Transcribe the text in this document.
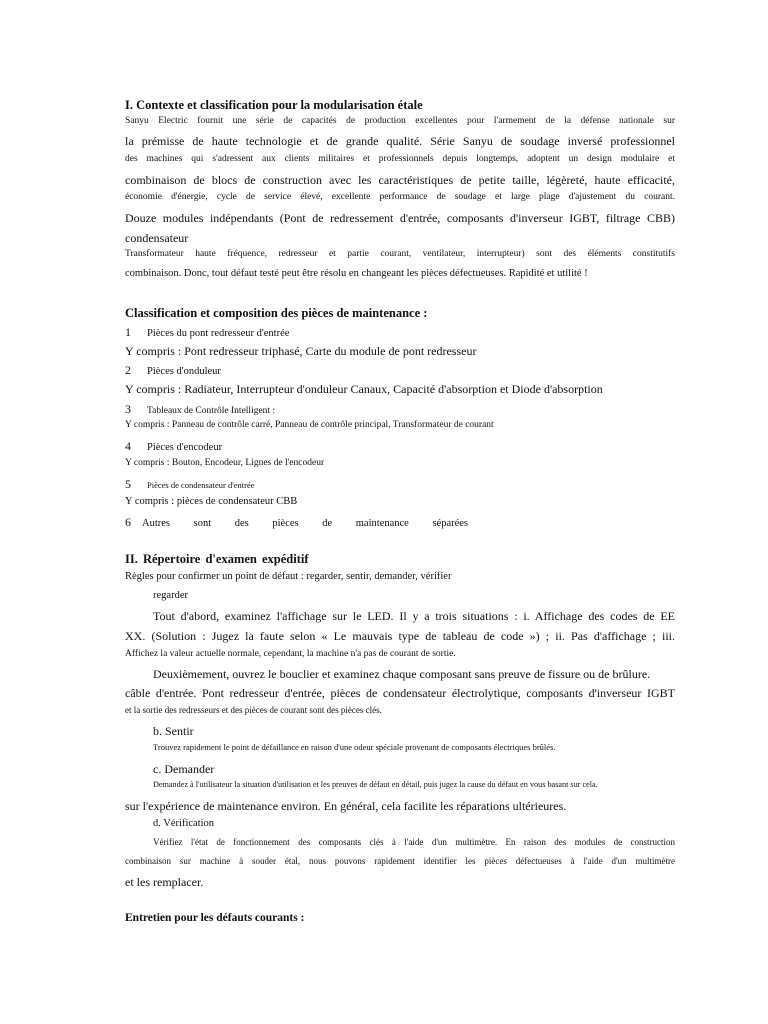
I. Contexte et classification pour la modularisation étale
Sanyu Electric fournit une série de capacités de production excellentes pour l'armement de la défense nationale sur
la prémisse de haute technologie et de grande qualité. Série Sanyu de soudage inversé professionnel
des machines qui s'adressent aux clients militaires et professionnels depuis longtemps, adoptent un design modulaire et
combinaison de blocs de construction avec les caractéristiques de petite taille, légèreté, haute efficacité,
économie d'énergie, cycle de service élevé, excellente performance de soudage et large plage d'ajustement du courant.
Douze modules indépendants (Pont de redressement d'entrée, composants d'inverseur IGBT, filtrage CBB)
condensateur
Transformateur haute fréquence, redresseur et partie courant, ventilateur, interrupteur) sont des éléments constitutifs
combinaison. Donc, tout défaut testé peut être résolu en changeant les pièces défectueuses. Rapidité et utilité !
Classification et composition des pièces de maintenance :
1 Pièces du pont redresseur d'entrée
Y compris : Pont redresseur triphasé, Carte du module de pont redresseur
2 Pièces d'onduleur
Y compris : Radiateur, Interrupteur d'onduleur Canaux, Capacité d'absorption et Diode d'absorption
3 Tableaux de Contrôle Intelligent :
Y compris : Panneau de contrôle carré, Panneau de contrôle principal, Transformateur de courant
4 Pièces d'encodeur
Y compris : Bouton, Encodeur, Lignes de l'encodeur
5 Pièces de condensateur d'entrée
Y compris : pièces de condensateur CBB
6 Autres sont des pièces de maintenance séparées
II. Répertoire d'examen expéditif
Règles pour confirmer un point de défaut : regarder, sentir, demander, vérifier
regarder
Tout d'abord, examinez l'affichage sur le LED. Il y a trois situations : i. Affichage des codes de EE
XX. (Solution : Jugez la faute selon « Le mauvais type de tableau de code ») ; ii. Pas d'affichage ; iii.
Affichez la valeur actuelle normale, cependant, la machine n'a pas de courant de sortie.
Deuxièmement, ouvrez le bouclier et examinez chaque composant sans preuve de fissure ou de brûlure.
câble d'entrée. Pont redresseur d'entrée, pièces de condensateur électrolytique, composants d'inverseur IGBT
et la sortie des redresseurs et des pièces de courant sont des pièces clés.
b. Sentir
Trouvez rapidement le point de défaillance en raison d'une odeur spéciale provenant de composants électriques brûlés.
c. Demander
Demandez à l'utilisateur la situation d'utilisation et les preuves de défaut en détail, puis jugez la cause du défaut en vous basant sur cela.
sur l'expérience de maintenance environ. En général, cela facilite les réparations ultérieures.
d. Vérification
Vérifiez l'état de fonctionnement des composants clés à l'aide d'un multimètre. En raison des modules de construction
combinaison sur machine à souder étal, nous pouvons rapidement identifier les pièces défectueuses à l'aide d'un multimètre
et les remplacer.
Entretien pour les défauts courants :
